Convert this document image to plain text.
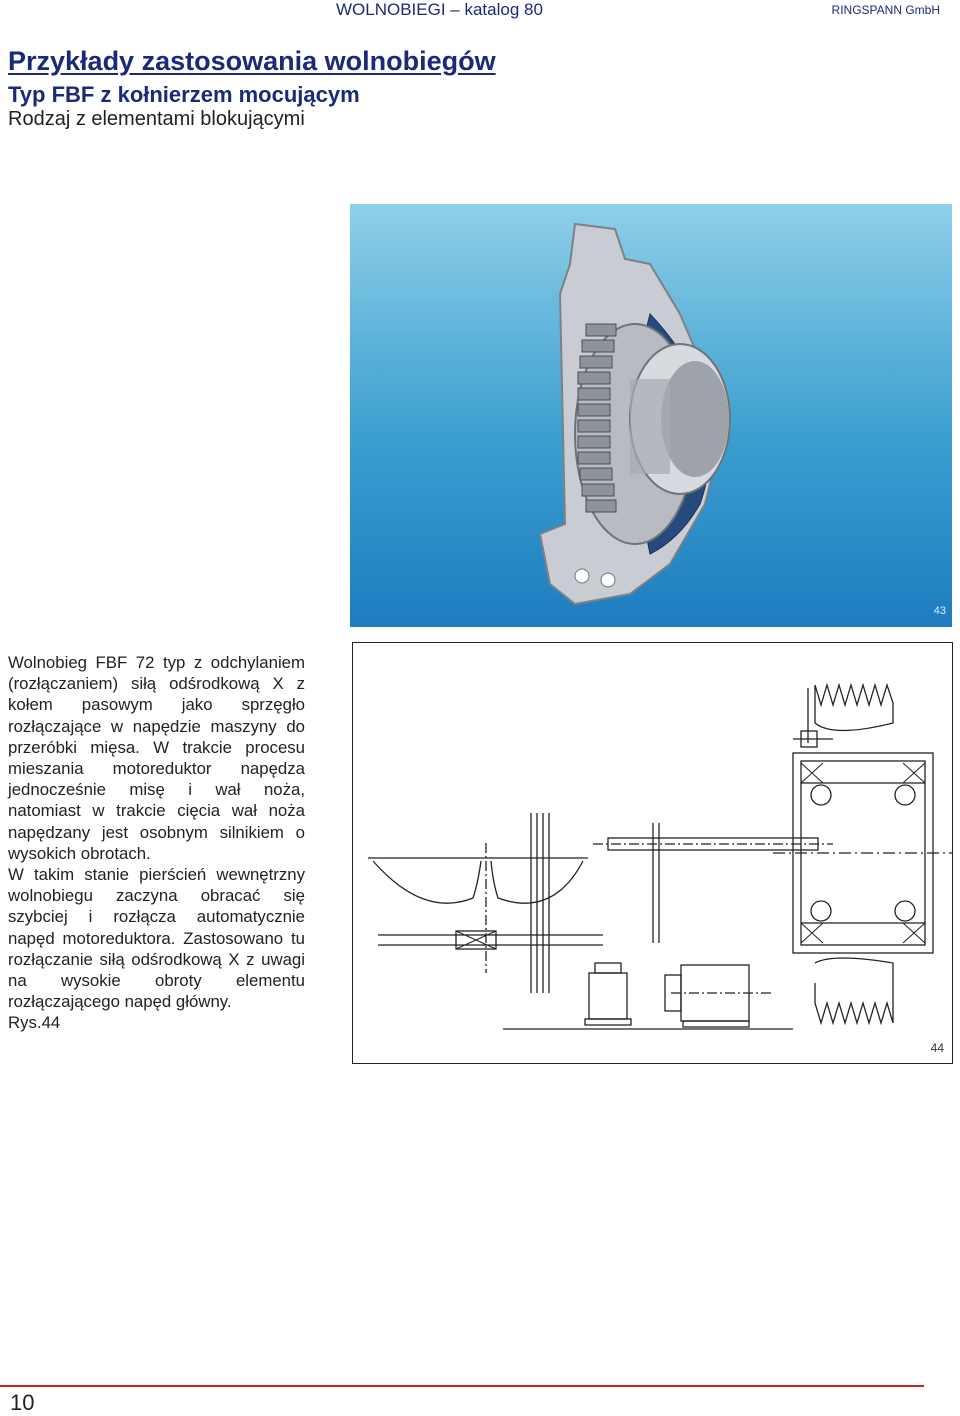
WOLNOBIEGI – katalog 80	RINGSPANN GmbH
Przykłady zastosowania wolnobiegów
Typ FBF z kołnierzem mocującym
Rodzaj z elementami blokującymi
43
44

Wolnobieg FBF 72 typ z odchylaniem (rozłączaniem) siłą odśrodkową X z kołem pasowym jako sprzęgło rozłączające w napędzie maszyny do przeróbki mięsa. W trakcie procesu mieszania motoreduktor napędza jednocześnie misę i wał noża, natomiast w trakcie cięcia wał noża napędzany jest osobnym silnikiem o wysokich obrotach.

W takim stanie pierścień wewnętrzny wolnobiegu zaczyna obracać się szybciej i rozłącza automatycznie napęd motoreduktora. Zastosowano tu rozłączanie siłą odśrodkową X z uwagi na wysokie obroty elementu rozłączającego napęd główny.

Rys.44

10
